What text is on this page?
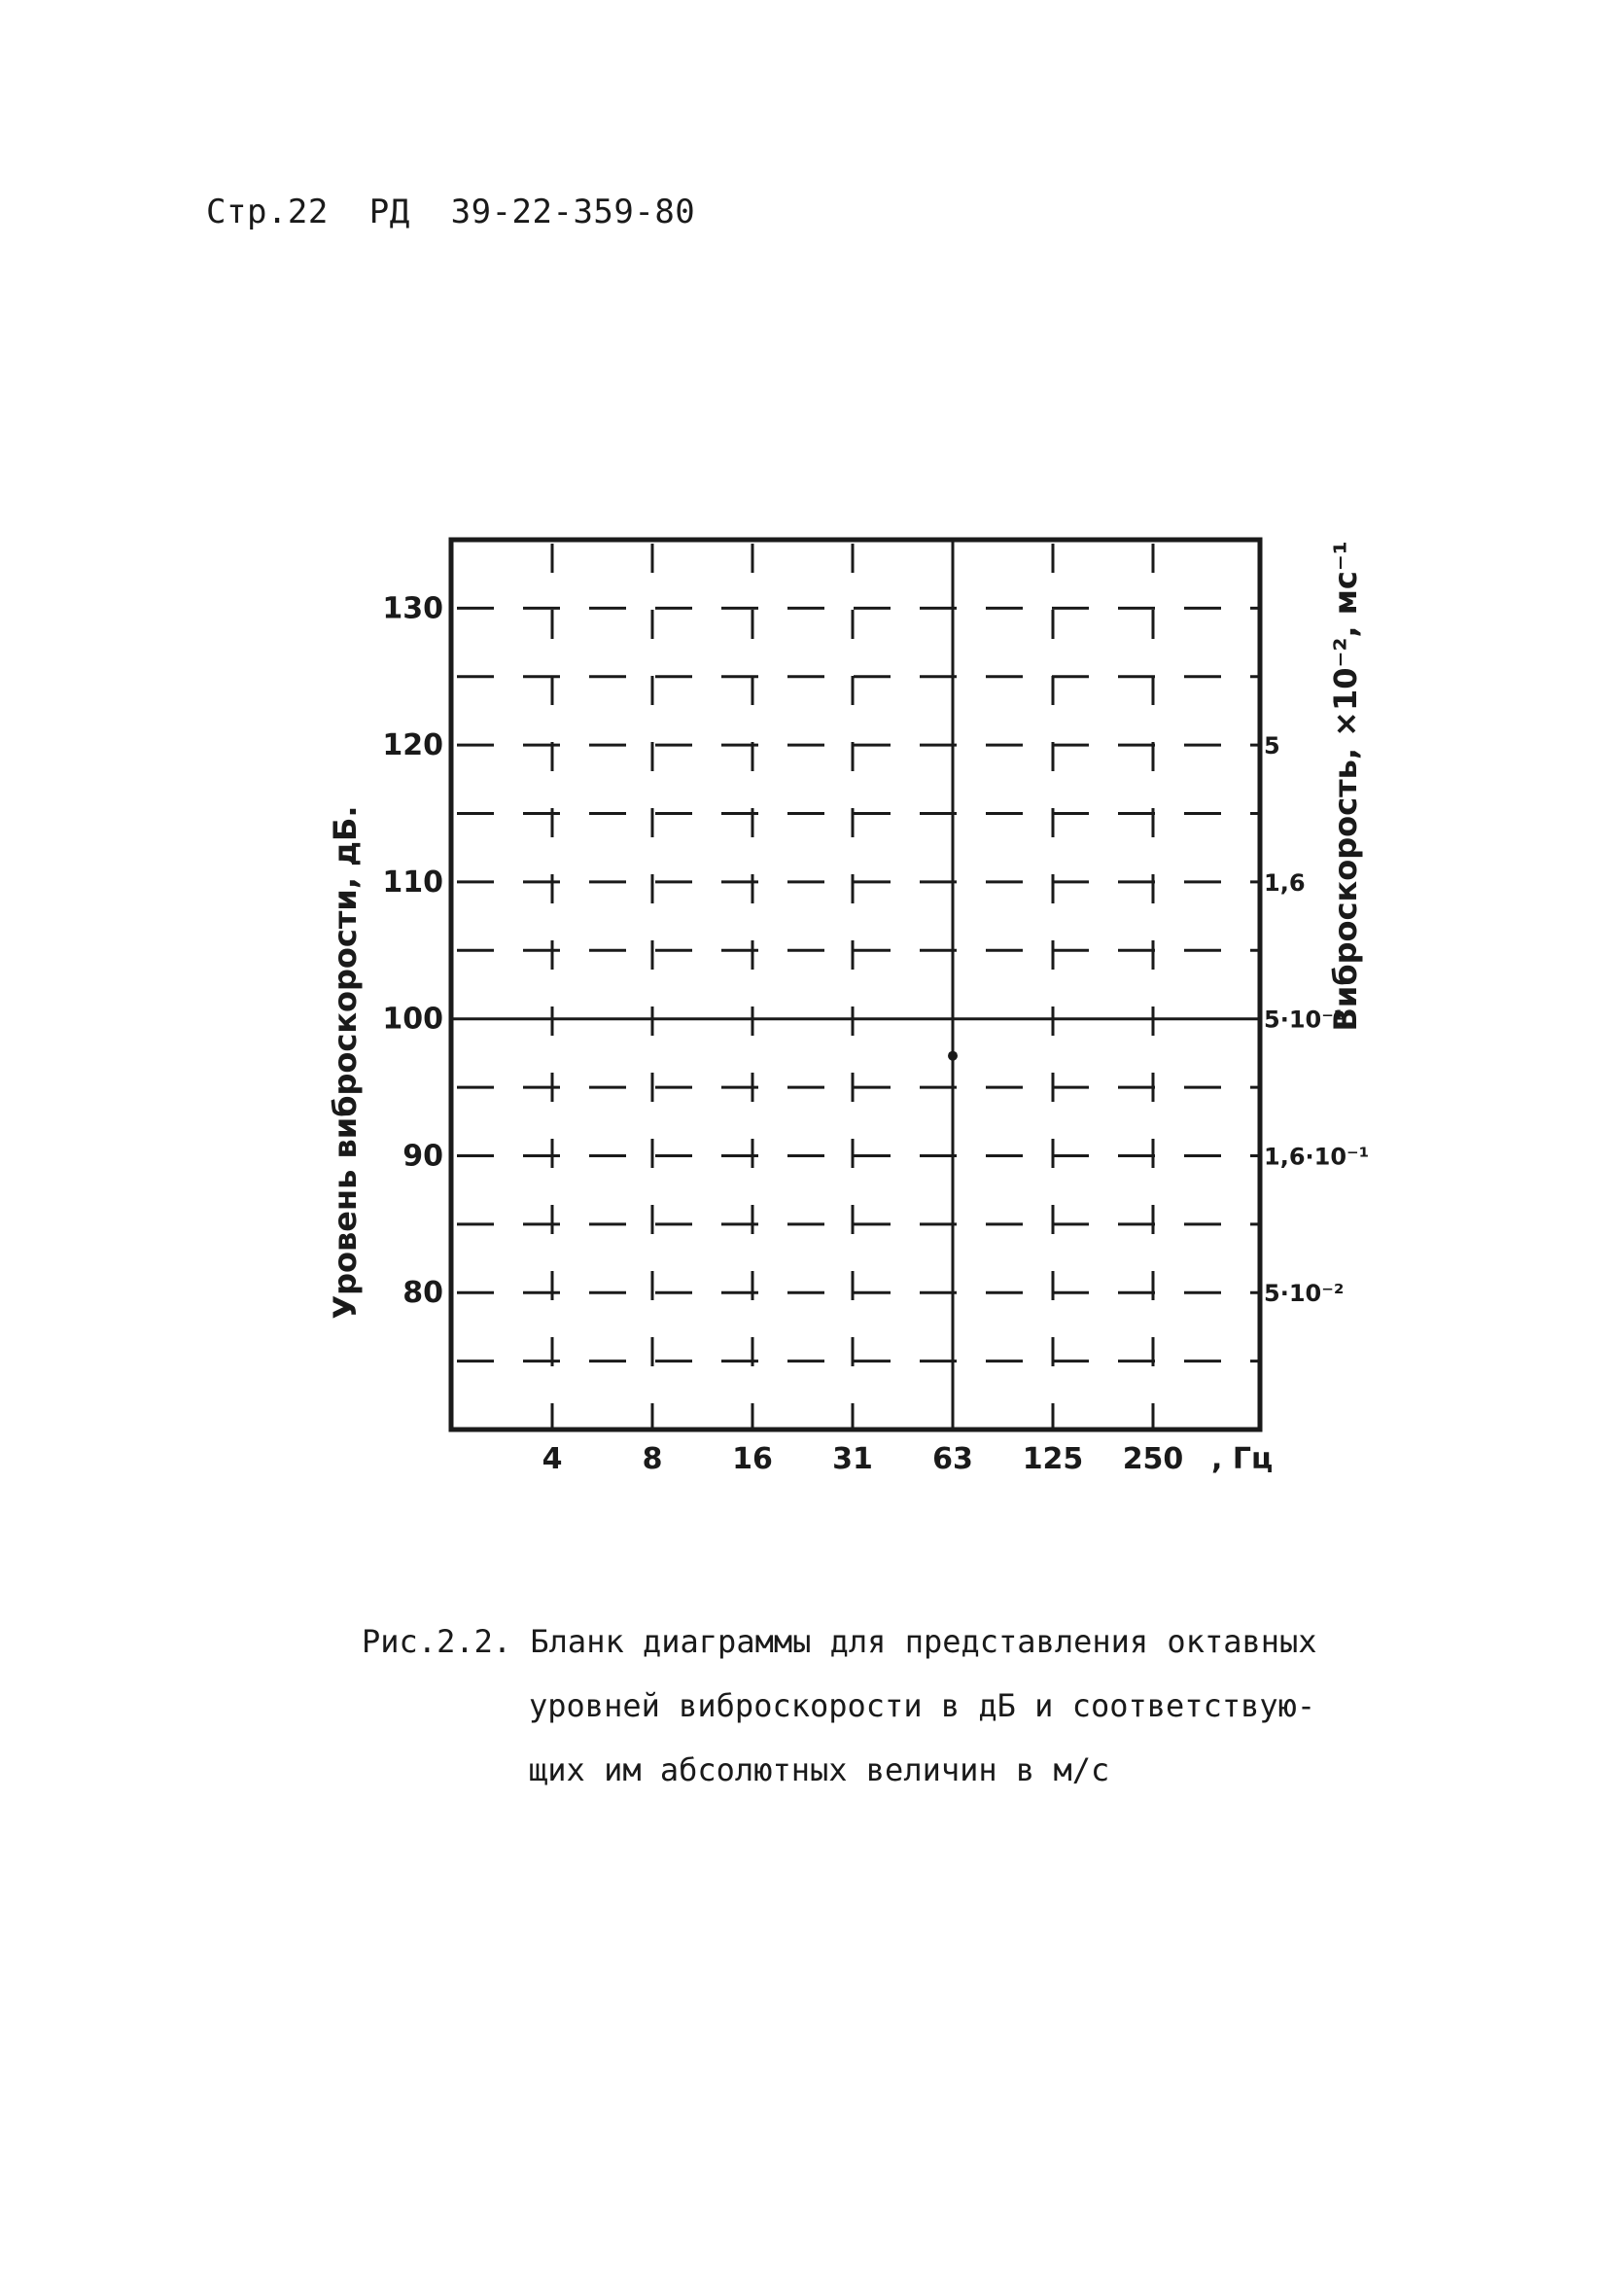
Стр.22  РД  39-22-359-80
130
120
110
100
90
80
5
1,6
5·10⁻¹
1,6·10⁻¹
5·10⁻²
4	8 16 31 63 125 250 , Гц
Уровень виброскорости, дБ.
Виброскорость, ×10⁻², мс⁻¹
Рис.2.2. Бланк диаграммы для представления октавных
уровней виброскорости в дБ и соответствую-
щих им абсолютных величин в м/с
